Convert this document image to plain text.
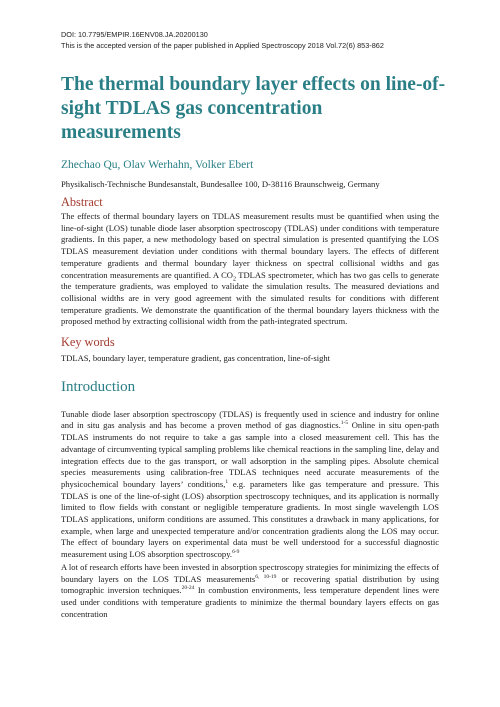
DOI: 10.7795/EMPIR.16ENV08.JA.20200130
This is the accepted version of the paper published in Applied Spectroscopy 2018 Vol.72(6) 853-862
The thermal boundary layer effects on line-of-sight TDLAS gas concentration measurements
Zhechao Qu, Olav Werhahn, Volker Ebert
Physikalisch-Technische Bundesanstalt, Bundesallee 100, D-38116 Braunschweig, Germany
Abstract

The effects of thermal boundary layers on TDLAS measurement results must be quantified when using the line-of-sight (LOS) tunable diode laser absorption spectroscopy (TDLAS) under conditions with temperature gradients. In this paper, a new methodology based on spectral simulation is presented quantifying the LOS TDLAS measurement deviation under conditions with thermal boundary layers. The effects of different temperature gradients and thermal boundary layer thickness on spectral collisional widths and gas concentration measurements are quantified. A $CO_2$ TDLAS spectrometer, which has two gas cells to generate the temperature gradients, was employed to validate the simulation results. The measured deviations and collisional widths are in very good agreement with the simulated results for conditions with different temperature gradients. We demonstrate the quantification of the thermal boundary layers thickness with the proposed method by extracting collisional width from the path-integrated spectrum.

Key words
TDLAS, boundary layer, temperature gradient, gas concentration, line-of-sight
Introduction

Tunable diode laser absorption spectroscopy (TDLAS) is frequently used in science and industry for online and in situ gas analysis and has become a proven method of gas diagnostics.$^{1-5}$ Online in situ open-path TDLAS instruments do not require to take a gas sample into a closed measurement cell. This has the advantage of circumventing typical sampling problems like chemical reactions in the sampling line, delay and integration effects due to the gas transport, or wall adsorption in the sampling pipes. Absolute chemical species measurements using calibration-free TDLAS techniques need accurate measurements of the physicochemical boundary layers’ conditions,$^1$ e.g. parameters like gas temperature and pressure. This TDLAS is one of the line-of-sight (LOS) absorption spectroscopy techniques, and its application is normally limited to flow fields with constant or negligible temperature gradients. In most single wavelength LOS TDLAS applications, uniform conditions are assumed. This constitutes a drawback in many applications, for example, when large and unexpected temperature and/or concentration gradients along the LOS may occur. The effect of boundary layers on experimental data must be well understood for a successful diagnostic measurement using LOS absorption spectroscopy.$^{6-9}$

A lot of research efforts have been invested in absorption spectroscopy strategies for minimizing the effects of boundary layers on the LOS TDLAS measurements$^{6, 10-19}$ or recovering spatial distribution by using tomographic inversion techniques.$^{20-24}$ In combustion environments, less temperature dependent lines were used under conditions with temperature gradients to minimize the thermal boundary layers effects on gas concentration
